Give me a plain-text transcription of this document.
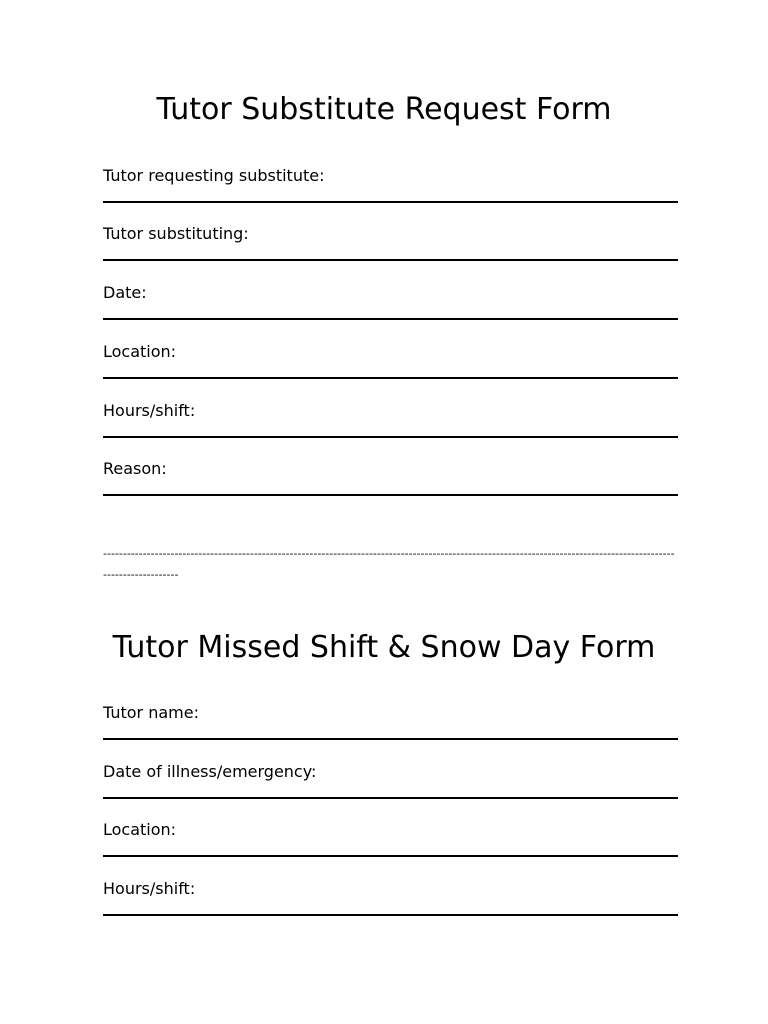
Tutor Substitute Request Form
Tutor requesting substitute:
Tutor substituting:
Date:
Location:
Hours/shift:
Reason:
-------------------------------------------------------------------------------------------------------------------------------------------------------------------
Tutor Missed Shift & Snow Day Form
Tutor name:
Date of illness/emergency:
Location:
Hours/shift:
